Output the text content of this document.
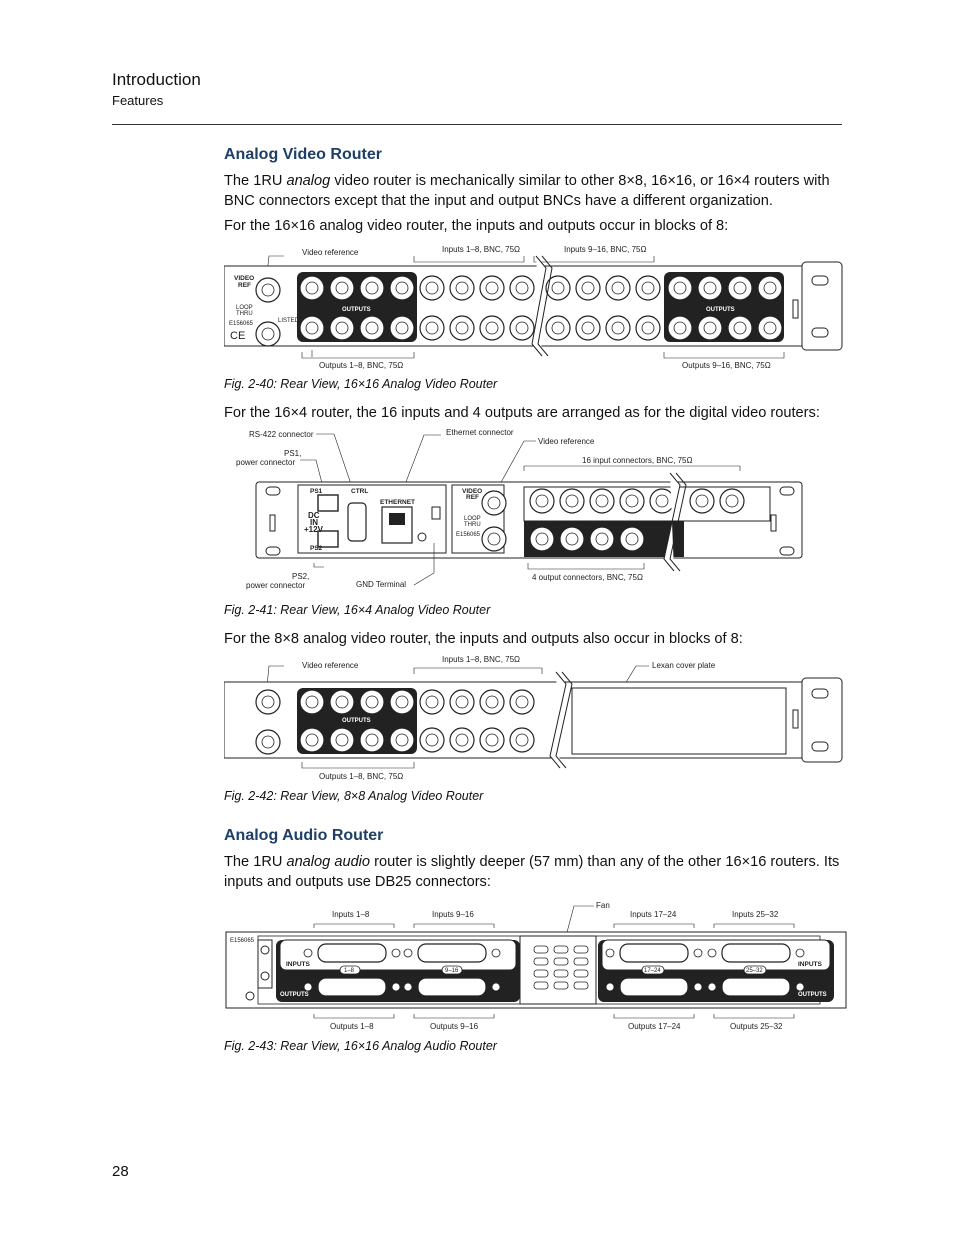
Introduction
Features
Analog Video Router
The 1RU analog video router is mechanically similar to other 8×8, 16×16, or 16×4 routers with BNC connectors except that the input and output BNCs have a different organization.
For the 16×16 analog video router, the inputs and outputs occur in blocks of 8:
Video reference	Inputs 1–8, BNC, 75Ω	Inputs 9–16, BNC, 75Ω
VIDEO
REF
LOOP
THRU
E156065
CE
LISTED
OUTPUTS	OUTPUTS
Outputs 1–8, BNC, 75Ω	Outputs 9–16, BNC, 75Ω
Fig. 2-40: Rear View, 16×16 Analog Video Router
For the 16×4 router, the 16 inputs and 4 outputs are arranged as for the digital video routers:
RS-422 connector
PS1,
power connector
Ethernet connector
Video reference
16 input connectors, BNC, 75Ω
PS1
PS2
CTRL
DC
IN
+12V
ETHERNET
VIDEO
REF
LOOP
THRU
E156065
PS2,
power connector	GND Terminal
4 output connectors, BNC, 75Ω
Fig. 2-41: Rear View, 16×4 Analog Video Router
For the 8×8 analog video router, the inputs and outputs also occur in blocks of 8:
Video reference
Inputs 1–8, BNC, 75Ω
Lexan cover plate
OUTPUTS
Outputs 1–8, BNC, 75Ω
Fig. 2-42: Rear View, 8×8 Analog Video Router
Analog Audio Router
The 1RU analog audio router is slightly deeper (57 mm) than any of the other 16×16 routers. Its inputs and outputs use DB25 connectors:
Fan
Inputs 1–8	Inputs 9–16	Inputs 17–24	Inputs 25–32
1–8	9–16	17–24	25–32
INPUTS	INPUTS
OUTPUTS	OUTPUTS
E156065
Outputs 1–8	Outputs 9–16	Outputs 17–24	Outputs 25–32
Fig. 2-43: Rear View, 16×16 Analog Audio Router
28
